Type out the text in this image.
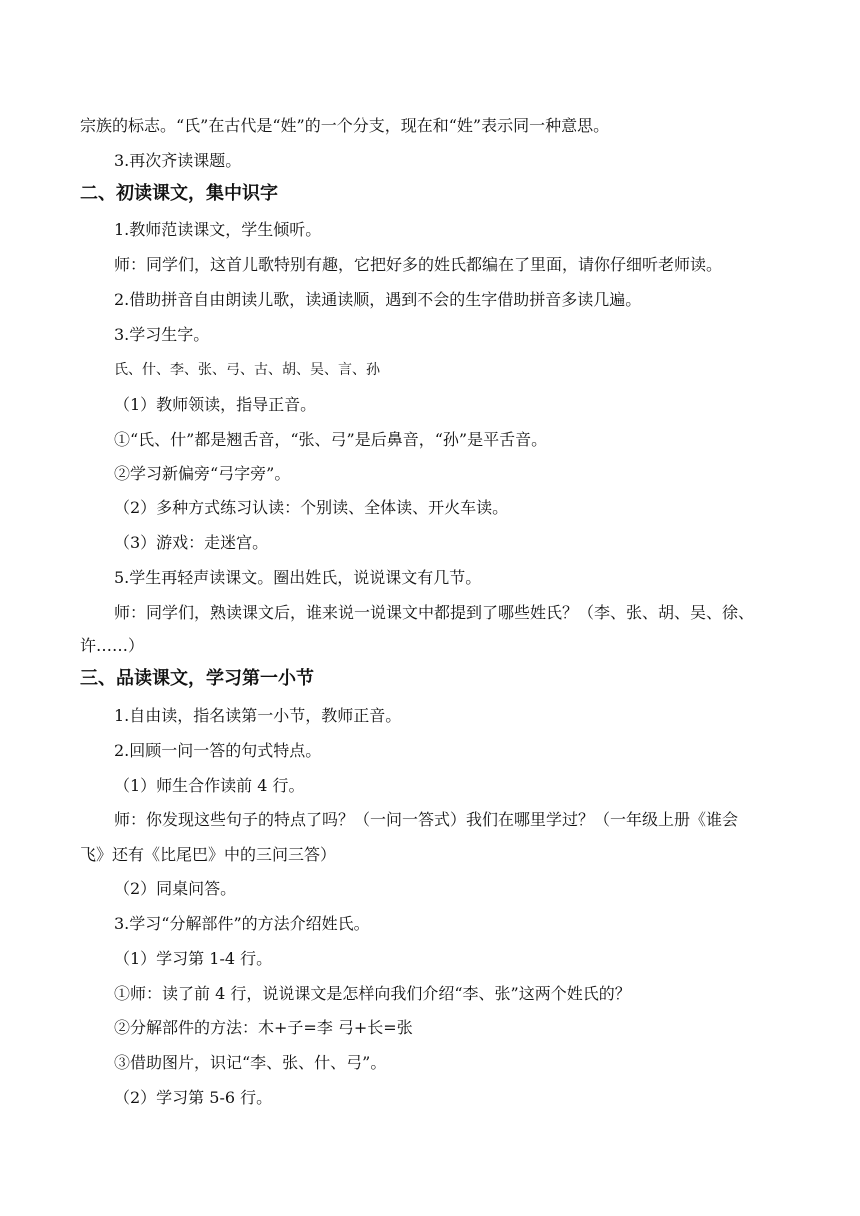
宗族的标志。“氏”在古代是“姓”的一个分支，现在和“姓”表示同一种意思。
3.再次齐读课题。
二、初读课文，集中识字
1.教师范读课文，学生倾听。
师：同学们，这首儿歌特别有趣，它把好多的姓氏都编在了里面，请你仔细听老师读。
2.借助拼音自由朗读儿歌，读通读顺，遇到不会的生字借助拼音多读几遍。
3.学习生字。
氏、什、李、张、弓、古、胡、吴、言、孙
（1）教师领读，指导正音。
①“氏、什”都是翘舌音，“张、弓”是后鼻音，“孙”是平舌音。
②学习新偏旁“弓字旁”。
（2）多种方式练习认读：个别读、全体读、开火车读。
（3）游戏：走迷宫。
5.学生再轻声读课文。圈出姓氏，说说课文有几节。
师：同学们，熟读课文后，谁来说一说课文中都提到了哪些姓氏？（李、张、胡、吴、徐、
许……）
三、品读课文，学习第一小节
1.自由读，指名读第一小节，教师正音。
2.回顾一问一答的句式特点。
（1）师生合作读前 4 行。
师：你发现这些句子的特点了吗？（一问一答式）我们在哪里学过？（一年级上册《谁会
飞》还有《比尾巴》中的三问三答）
（2）同桌问答。
3.学习“分解部件”的方法介绍姓氏。
（1）学习第 1-4 行。
①师：读了前 4 行，说说课文是怎样向我们介绍“李、张”这两个姓氏的？
②分解部件的方法：木+子=李 弓+长=张
③借助图片，识记“李、张、什、弓”。
（2）学习第 5-6 行。
